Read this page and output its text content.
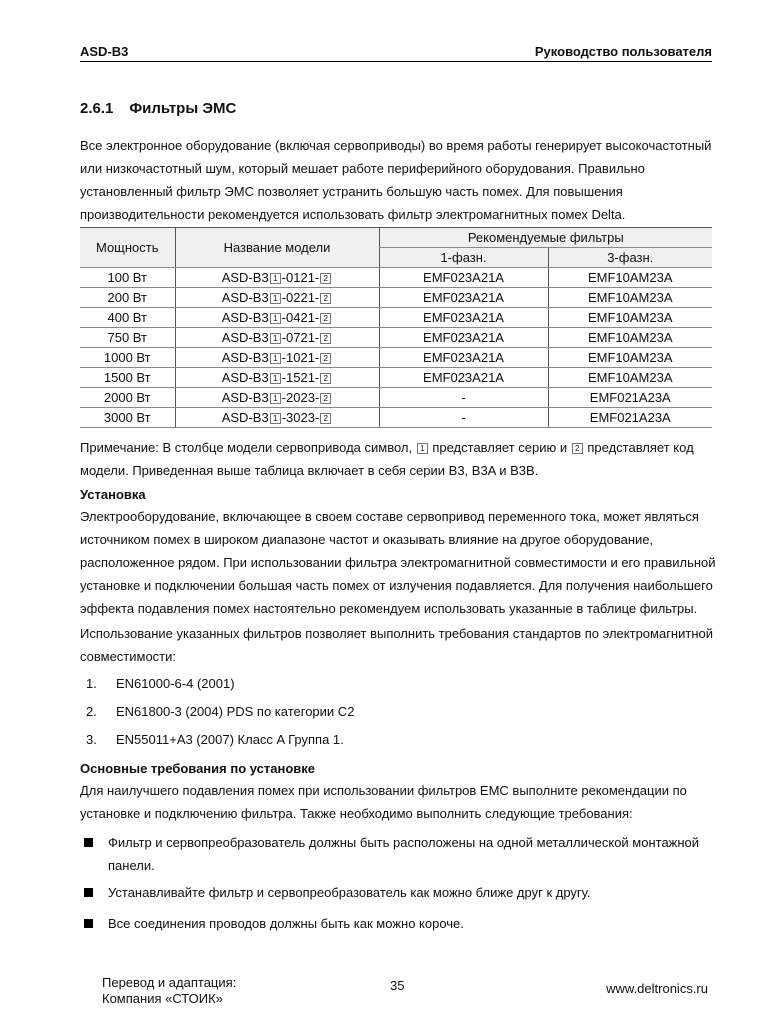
ASD-B3	Руководство пользователя
2.6.1 Фильтры ЭМС
Все электронное оборудование (включая сервоприводы) во время работы генерирует высокочастотный или низкочастотный шум, который мешает работе периферийного оборудования. Правильно установленный фильтр ЭМС позволяет устранить большую часть помех. Для повышения производительности рекомендуется использовать фильтр электромагнитных помех Delta.
Мощность	Название модели	Рекомендуемые фильтры	
		1-фазн.	3-фазн.
100 Вт	ASD-B3 1 -0121- 2	EMF023A21A	EMF10AM23A
200 Вт	ASD-B3 1 -0221- 2	EMF023A21A	EMF10AM23A
400 Вт	ASD-B3 1 -0421- 2	EMF023A21A	EMF10AM23A
750 Вт	ASD-B3 1 -0721- 2	EMF023A21A	EMF10AM23A
1000 Вт	ASD-B3 1 -1021- 2	EMF023A21A	EMF10AM23A
1500 Вт	ASD-B3 1 -1521- 2	EMF023A21A	EMF10AM23A
2000 Вт	ASD-B3 1 -2023- 2	-	EMF021A23A
3000 Вт	ASD-B3 1 -3023- 2	-	EMF021A23A
Примечание: В столбце модели сервопривода символ, 1 представляет серию и 2 представляет код модели. Приведенная выше таблица включает в себя серии B3, B3A и B3B.
Установка
Электрооборудование, включающее в своем составе сервопривод переменного тока, может являться источником помех в широком диапазоне частот и оказывать влияние на другое оборудование, расположенное рядом. При использовании фильтра электромагнитной совместимости и его правильной установке и подключении большая часть помех от излучения подавляется. Для получения наибольшего эффекта подавления помех настоятельно рекомендуем использовать указанные в таблице фильтры.
Использование указанных фильтров позволяет выполнить требования стандартов по электромагнитной совместимости:
1. EN61000-6-4 (2001)
2. EN61800-3 (2004) PDS по категории C2
3. EN55011+A3 (2007) Класс A Группа 1.
Основные требования по установке
Для наилучшего подавления помех при использовании фильтров EMC выполните рекомендации по установке и подключению фильтра. Также необходимо выполнить следующие требования:
Фильтр и сервопреобразователь должны быть расположены на одной металлической монтажной панели.
Устанавливайте фильтр и сервопреобразователь как можно ближе друг к другу.
Все соединения проводов должны быть как можно короче.
Перевод и адаптация:
Компания «СТОИК»
35	www.deltronics.ru
